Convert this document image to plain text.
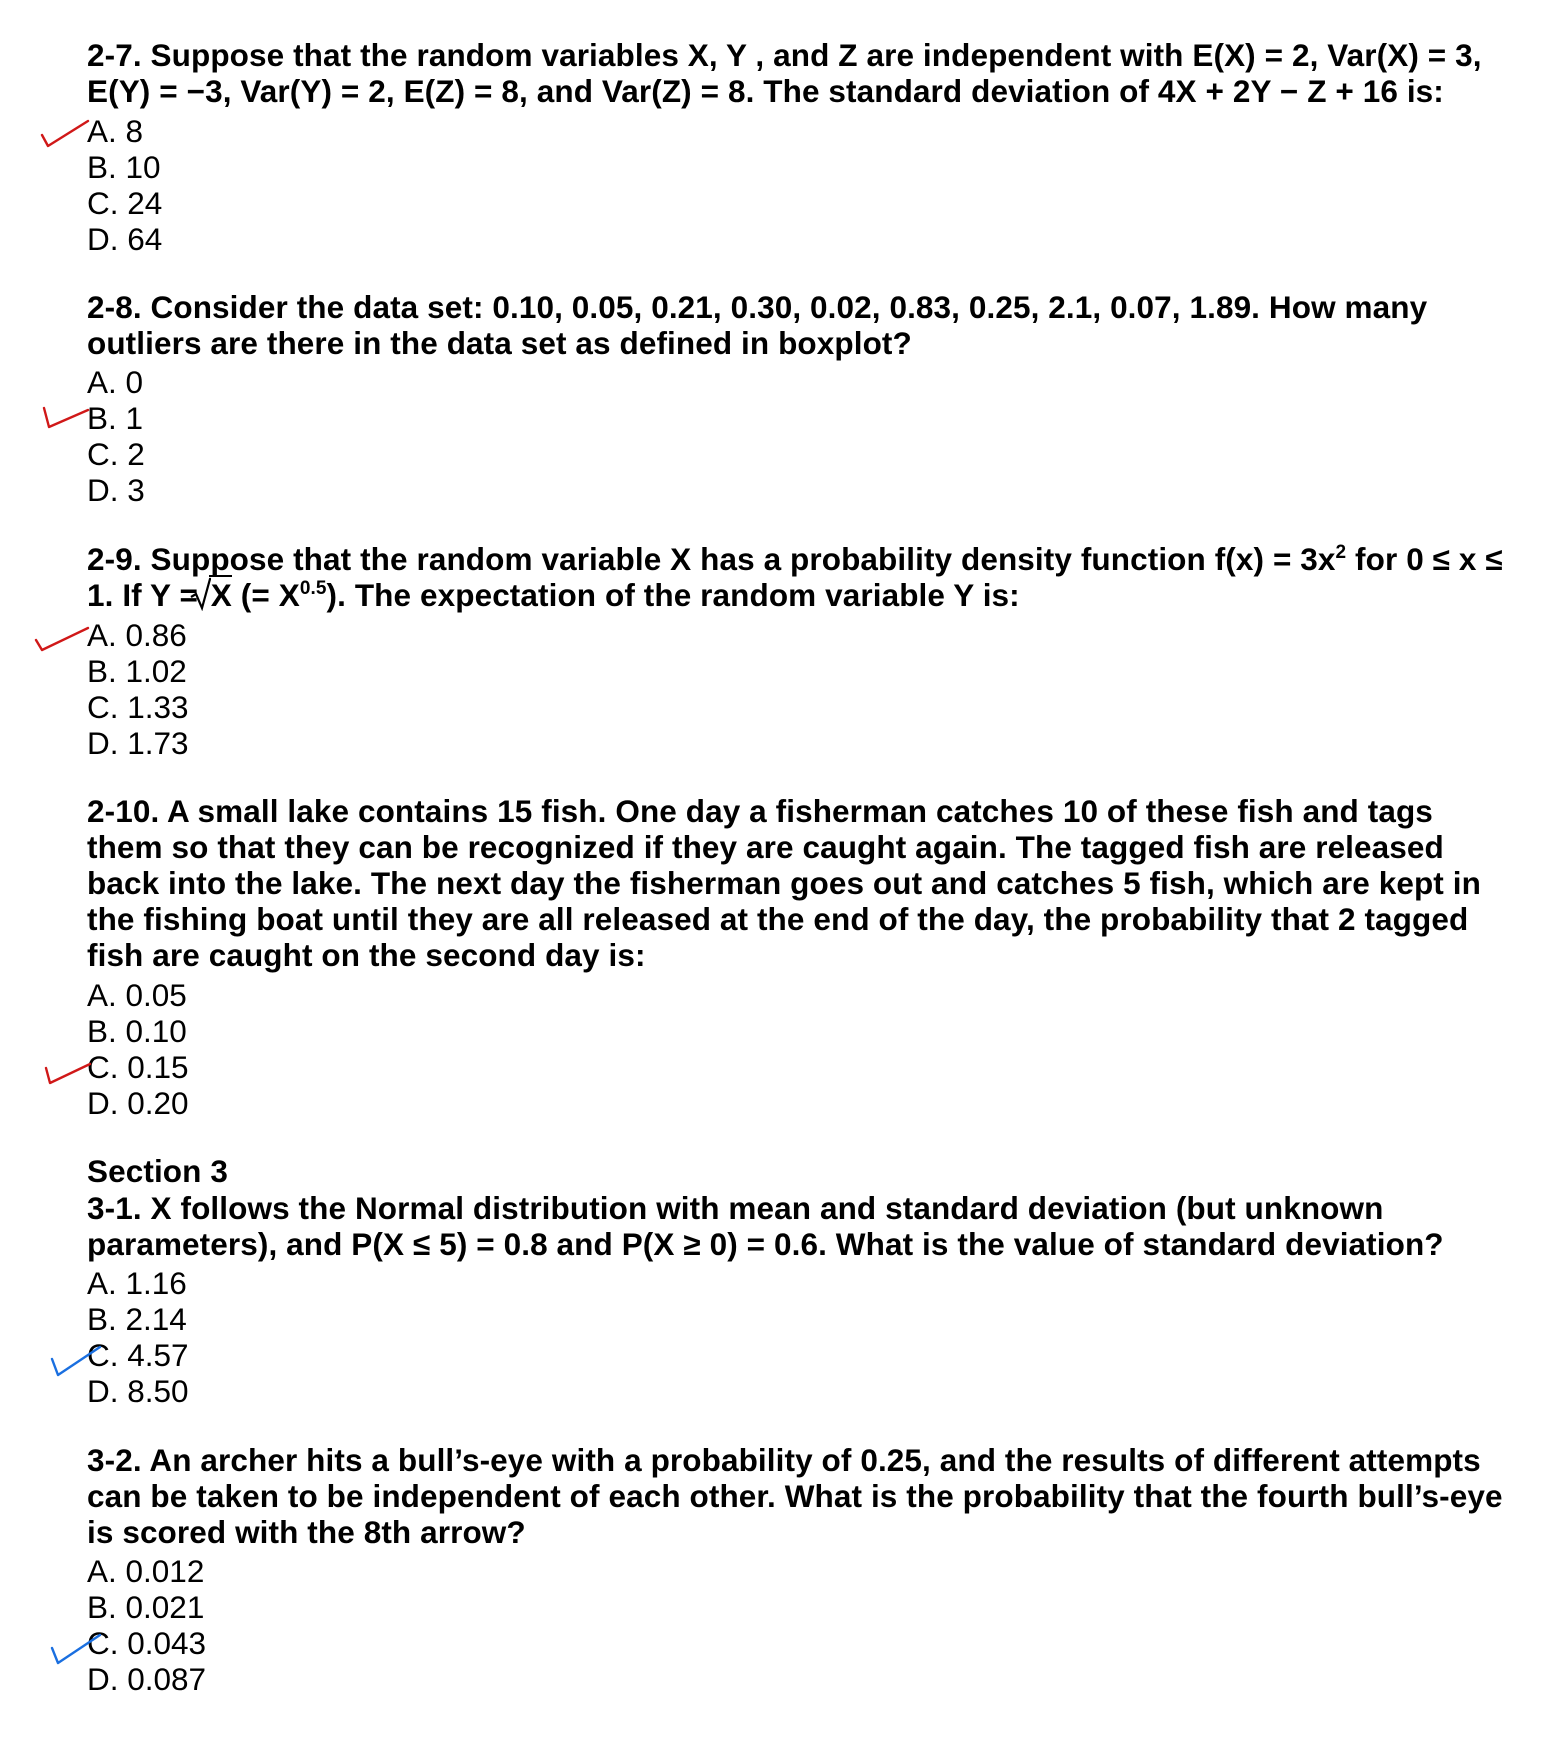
2-7. Suppose that the random variables X, Y , and Z are independent with E(X) = 2, Var(X) = 3,
E(Y) = −3, Var(Y) = 2, E(Z) = 8, and Var(Z) = 8. The standard deviation of 4X + 2Y − Z + 16 is:
A. 8
B. 10
C. 24
D. 64
2-8. Consider the data set: 0.10, 0.05, 0.21, 0.30, 0.02, 0.83, 0.25, 2.1, 0.07, 1.89. How many
outliers are there in the data set as defined in boxplot?
A. 0
B. 1
C. 2
D. 3
2-9. Suppose that the random variable X has a probability density function $f(x) = 3x^2$ for 0 ≤ x ≤
1. If Y =
X (= $X^{0.5}$). The expectation of the random variable Y is:
A. 0.86
B. 1.02
C. 1.33
D. 1.73
2-10. A small lake contains 15 fish. One day a fisherman catches 10 of these fish and tags
them so that they can be recognized if they are caught again. The tagged fish are released
back into the lake. The next day the fisherman goes out and catches 5 fish, which are kept in
the fishing boat until they are all released at the end of the day, the probability that 2 tagged
fish are caught on the second day is:
A. 0.05
B. 0.10
C. 0.15
D. 0.20
Section 3
3-1. X follows the Normal distribution with mean and standard deviation (but unknown
parameters), and P(X ≤ 5) = 0.8 and P(X ≥ 0) = 0.6. What is the value of standard deviation?
A. 1.16
B. 2.14
C. 4.57
D. 8.50
3-2. An archer hits a bull’s-eye with a probability of 0.25, and the results of different attempts
can be taken to be independent of each other. What is the probability that the fourth bull’s-eye
is scored with the 8th arrow?
A. 0.012
B. 0.021
C. 0.043
D. 0.087
